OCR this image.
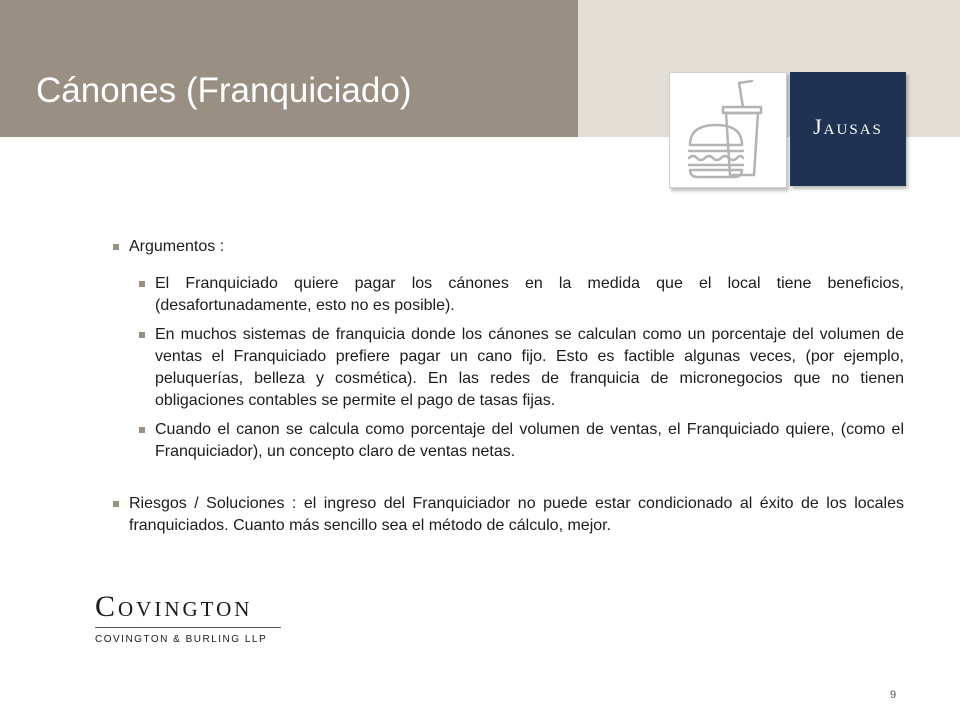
Cánones (Franquiciado)
Jausas
Argumentos :
El Franquiciado quiere pagar los cánones en la medida que el local tiene beneficios, (desafortunadamente, esto no es posible).
En muchos sistemas de franquicia donde los cánones se calculan como un porcentaje del volumen de ventas el Franquiciado prefiere pagar un cano fijo. Esto es factible algunas veces, (por ejemplo, peluquerías, belleza y cosmética). En las redes de franquicia de micronegocios que no tienen obligaciones contables se permite el pago de tasas fijas.
Cuando el canon se calcula como porcentaje del volumen de ventas, el Franquiciado quiere, (como el Franquiciador), un concepto claro de ventas netas.
Riesgos / Soluciones : el ingreso del Franquiciador no puede estar condicionado al éxito de los locales franquiciados. Cuanto más sencillo sea el método de cálculo, mejor.
Covington
COVINGTON & BURLING LLP
9
